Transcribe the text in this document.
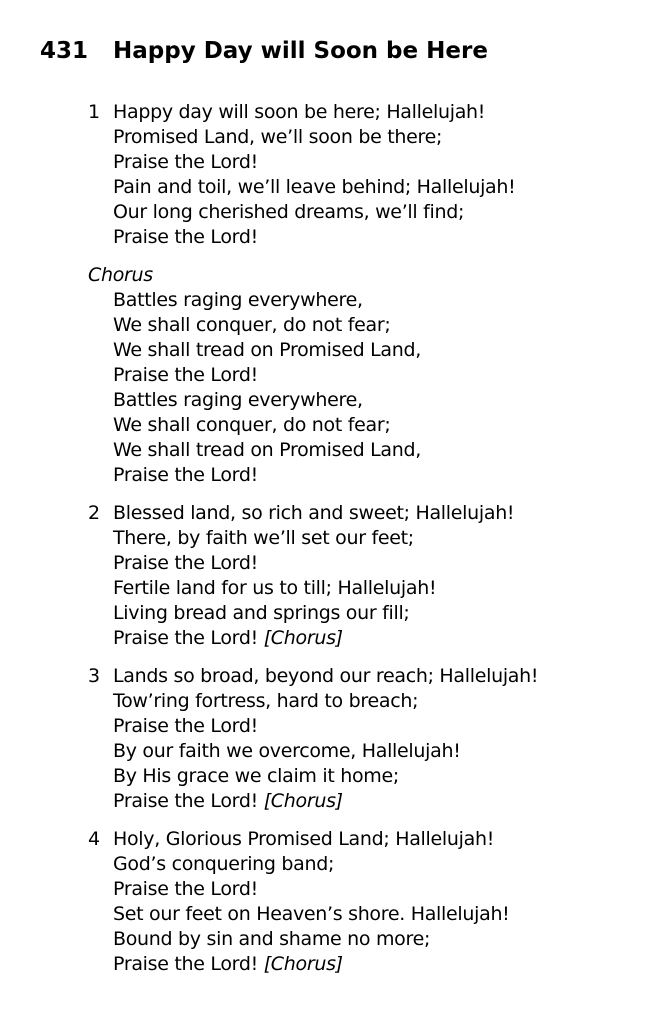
431 Happy Day will Soon be Here
1 Happy day will soon be here; Hallelujah!
Promised Land, we’ll soon be there;
Praise the Lord!
Pain and toil, we’ll leave behind; Hallelujah!
Our long cherished dreams, we’ll find;
Praise the Lord!
Chorus
Battles raging everywhere,
We shall conquer, do not fear;
We shall tread on Promised Land,
Praise the Lord!
Battles raging everywhere,
We shall conquer, do not fear;
We shall tread on Promised Land,
Praise the Lord!
2 Blessed land, so rich and sweet; Hallelujah!
There, by faith we’ll set our feet;
Praise the Lord!
Fertile land for us to till; Hallelujah!
Living bread and springs our fill;
Praise the Lord! [Chorus]
3 Lands so broad, beyond our reach; Hallelujah!
Tow’ring fortress, hard to breach;
Praise the Lord!
By our faith we overcome, Hallelujah!
By His grace we claim it home;
Praise the Lord! [Chorus]
4 Holy, Glorious Promised Land; Hallelujah!
God’s conquering band;
Praise the Lord!
Set our feet on Heaven’s shore. Hallelujah!
Bound by sin and shame no more;
Praise the Lord! [Chorus]
